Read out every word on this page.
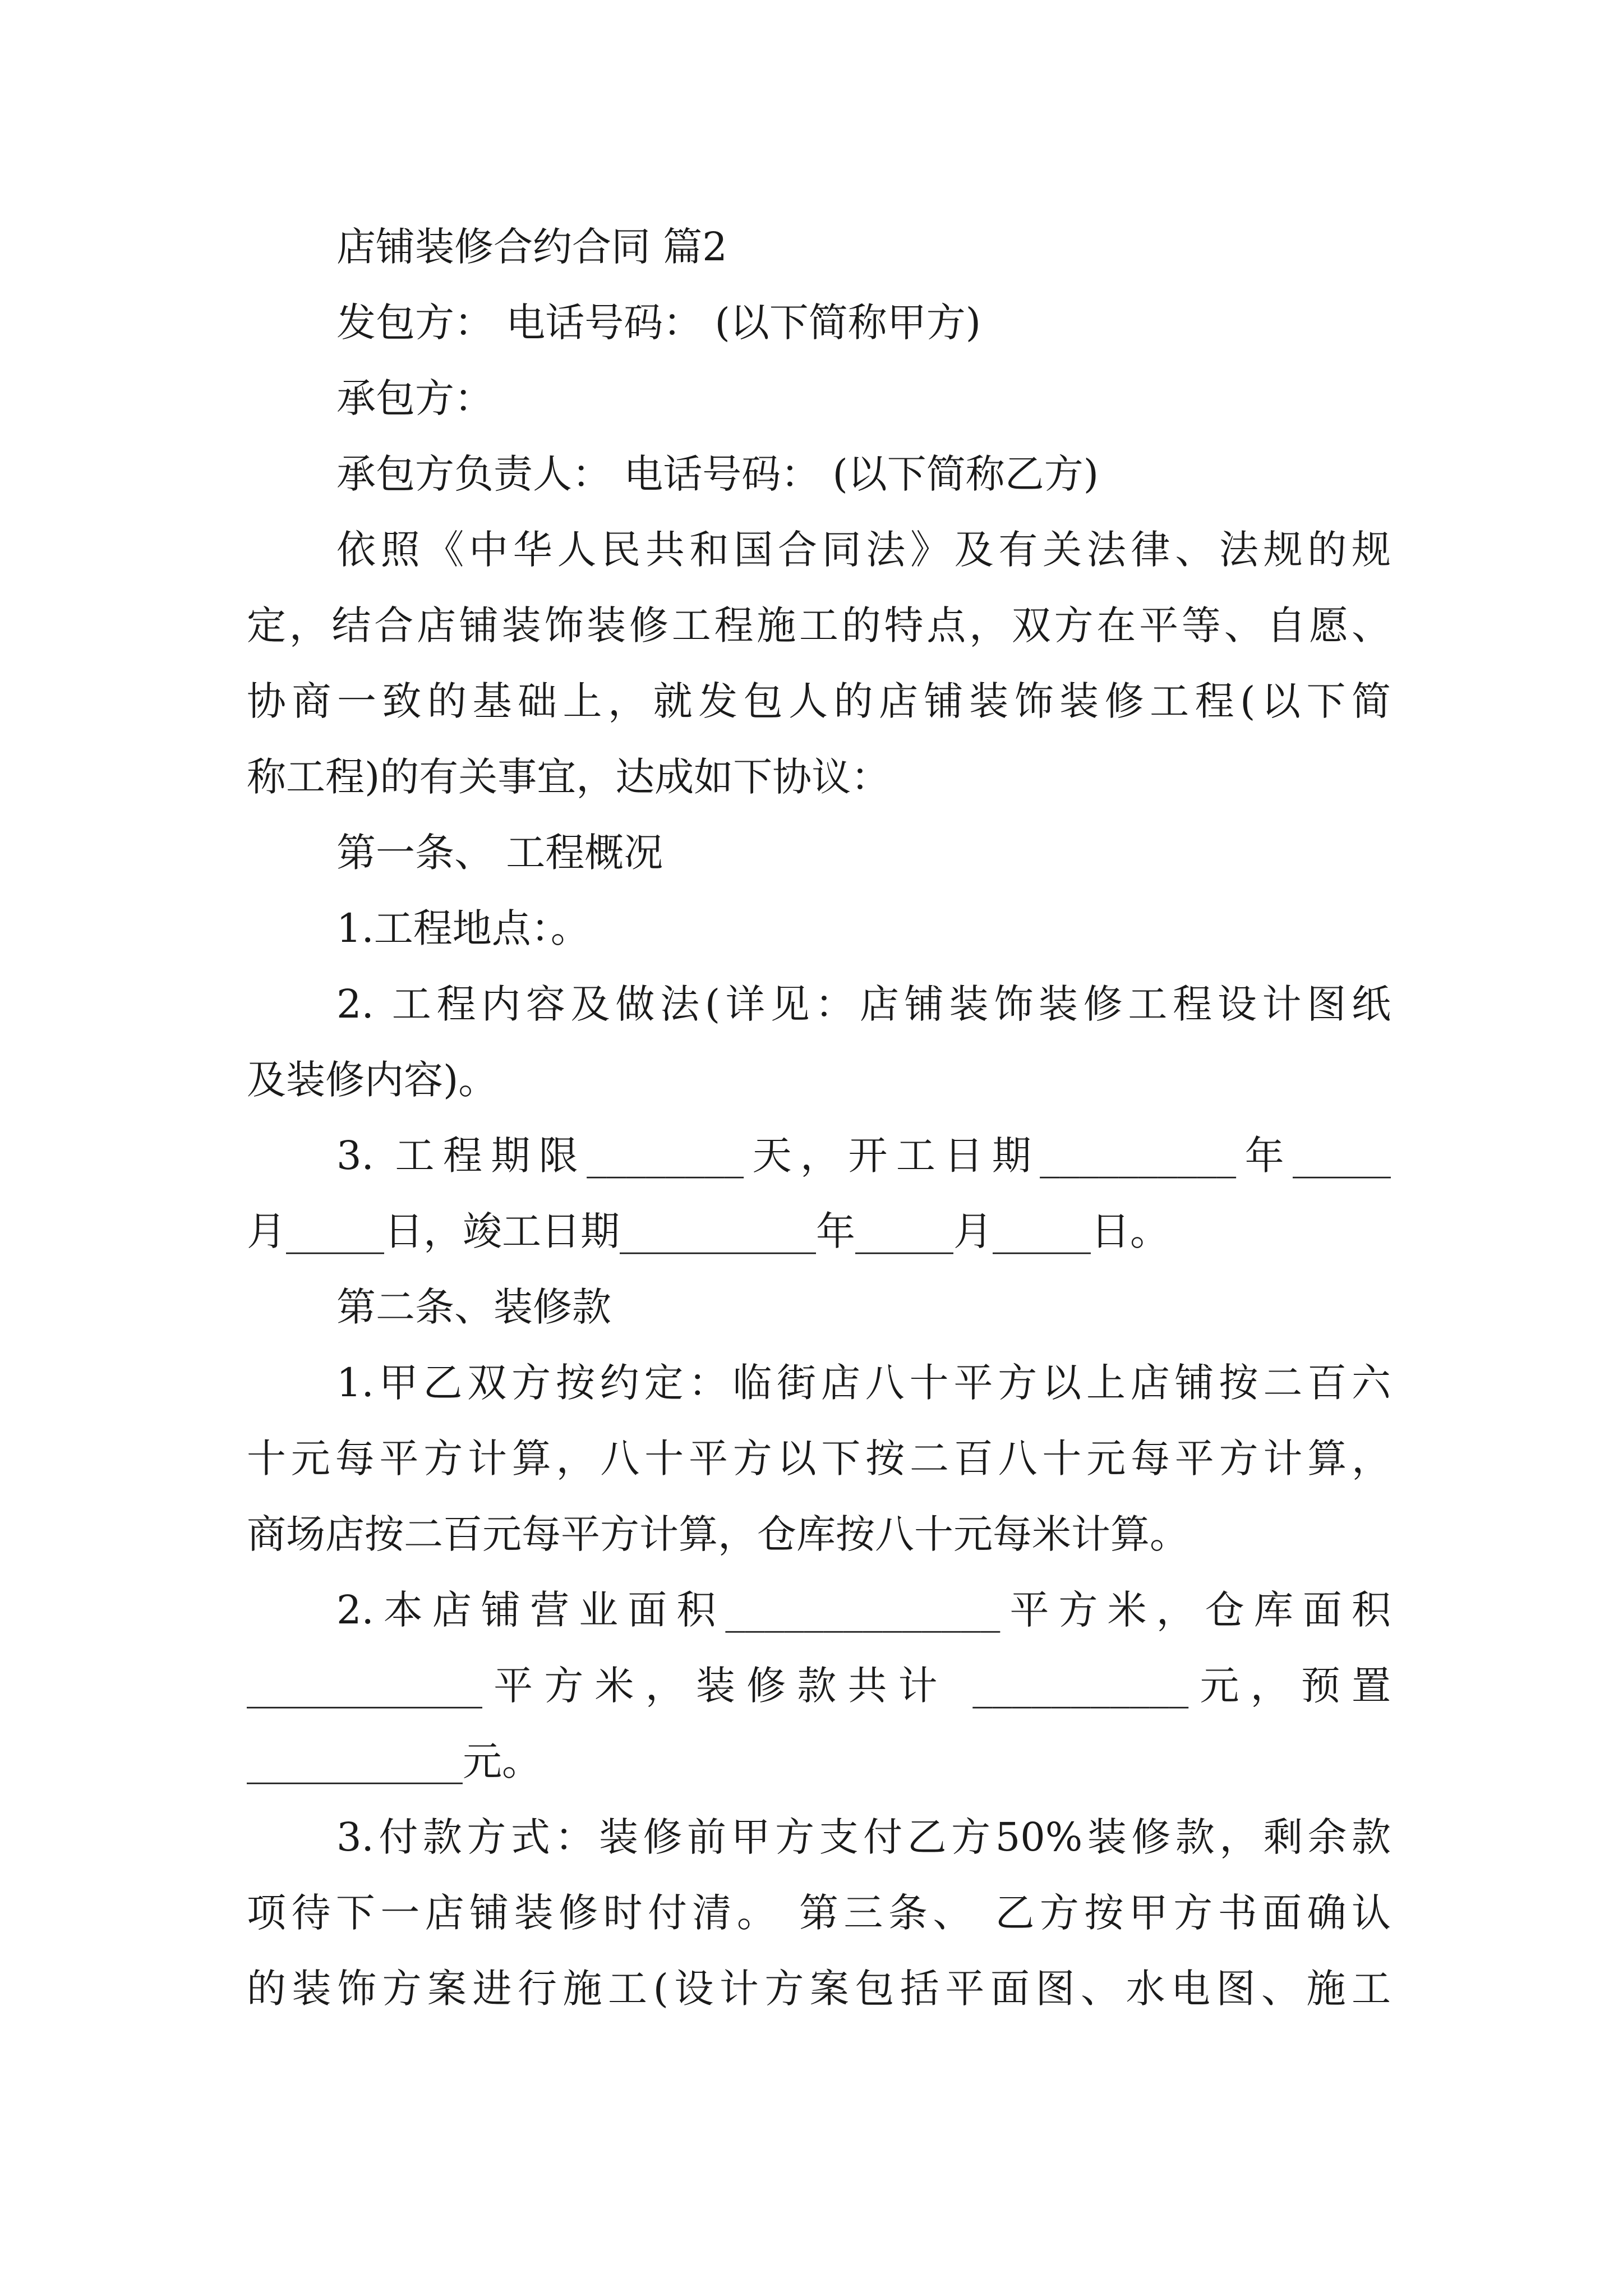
店铺装修合约合同 篇2
发包方： 电话号码： (以下简称甲方)
承包方：
承包方负责人： 电话号码： (以下简称乙方)
依照《中华人民共和国合同法》及有关法律、法规的规
定，结合店铺装饰装修工程施工的特点，双方在平等、自愿、
协商一致的基础上，就发包人的店铺装饰装修工程(以下简
称工程)的有关事宜，达成如下协议：
第一条、 工程概况
1.工程地点：。
2. 工程内容及做法(详见：店铺装饰装修工程设计图纸
及装修内容)。
3. 工程期限________天，开工日期__________年_____
月_____日，竣工日期__________年_____月_____日。
第二条、装修款
1.甲乙双方按约定：临街店八十平方以上店铺按二百六
十元每平方计算，八十平方以下按二百八十元每平方计算，
商场店按二百元每平方计算，仓库按八十元每米计算。
2.本店铺营业面积______________平方米，仓库面积
____________平方米，装修款共计 ___________元，预置
___________元。
3.付款方式：装修前甲方支付乙方50%装修款，剩余款
项待下一店铺装修时付清。 第三条、 乙方按甲方书面确认
的装饰方案进行施工(设计方案包括平面图、水电图、施工
